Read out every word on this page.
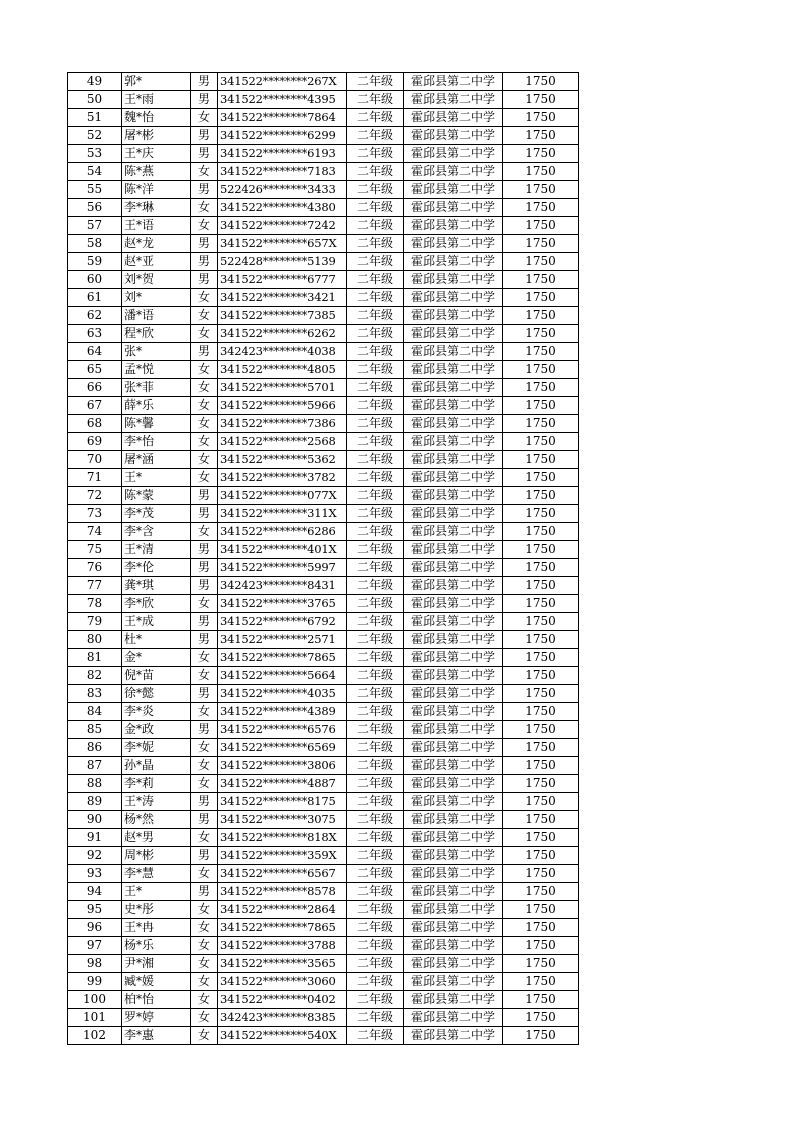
49	郭*	男	341522********267X	二年级	霍邱县第二中学	1750
50	王*雨	男	341522********4395	二年级	霍邱县第二中学	1750
51	魏*怡	女	341522********7864	二年级	霍邱县第二中学	1750
52	屠*彬	男	341522********6299	二年级	霍邱县第二中学	1750
53	王*庆	男	341522********6193	二年级	霍邱县第二中学	1750
54	陈*燕	女	341522********7183	二年级	霍邱县第二中学	1750
55	陈*洋	男	522426********3433	二年级	霍邱县第二中学	1750
56	李*琳	女	341522********4380	二年级	霍邱县第二中学	1750
57	王*语	女	341522********7242	二年级	霍邱县第二中学	1750
58	赵*龙	男	341522********657X	二年级	霍邱县第二中学	1750
59	赵*亚	男	522428********5139	二年级	霍邱县第二中学	1750
60	刘*贺	男	341522********6777	二年级	霍邱县第二中学	1750
61	刘*	女	341522********3421	二年级	霍邱县第二中学	1750
62	潘*语	女	341522********7385	二年级	霍邱县第二中学	1750
63	程*欣	女	341522********6262	二年级	霍邱县第二中学	1750
64	张*	男	342423********4038	二年级	霍邱县第二中学	1750
65	孟*悦	女	341522********4805	二年级	霍邱县第二中学	1750
66	张*菲	女	341522********5701	二年级	霍邱县第二中学	1750
67	薛*乐	女	341522********5966	二年级	霍邱县第二中学	1750
68	陈*馨	女	341522********7386	二年级	霍邱县第二中学	1750
69	李*怡	女	341522********2568	二年级	霍邱县第二中学	1750
70	屠*涵	女	341522********5362	二年级	霍邱县第二中学	1750
71	王*	女	341522********3782	二年级	霍邱县第二中学	1750
72	陈*蒙	男	341522********077X	二年级	霍邱县第二中学	1750
73	李*茂	男	341522********311X	二年级	霍邱县第二中学	1750
74	李*含	女	341522********6286	二年级	霍邱县第二中学	1750
75	王*清	男	341522********401X	二年级	霍邱县第二中学	1750
76	李*伦	男	341522********5997	二年级	霍邱县第二中学	1750
77	龚*琪	男	342423********8431	二年级	霍邱县第二中学	1750
78	李*欣	女	341522********3765	二年级	霍邱县第二中学	1750
79	王*成	男	341522********6792	二年级	霍邱县第二中学	1750
80	杜*	男	341522********2571	二年级	霍邱县第二中学	1750
81	金*	女	341522********7865	二年级	霍邱县第二中学	1750
82	倪*苗	女	341522********5664	二年级	霍邱县第二中学	1750
83	徐*懿	男	341522********4035	二年级	霍邱县第二中学	1750
84	李*炎	女	341522********4389	二年级	霍邱县第二中学	1750
85	金*政	男	341522********6576	二年级	霍邱县第二中学	1750
86	李*妮	女	341522********6569	二年级	霍邱县第二中学	1750
87	孙*晶	女	341522********3806	二年级	霍邱县第二中学	1750
88	李*莉	女	341522********4887	二年级	霍邱县第二中学	1750
89	王*涛	男	341522********8175	二年级	霍邱县第二中学	1750
90	杨*然	男	341522********3075	二年级	霍邱县第二中学	1750
91	赵*男	女	341522********818X	二年级	霍邱县第二中学	1750
92	周*彬	男	341522********359X	二年级	霍邱县第二中学	1750
93	李*慧	女	341522********6567	二年级	霍邱县第二中学	1750
94	王*	男	341522********8578	二年级	霍邱县第二中学	1750
95	史*彤	女	341522********2864	二年级	霍邱县第二中学	1750
96	王*冉	女	341522********7865	二年级	霍邱县第二中学	1750
97	杨*乐	女	341522********3788	二年级	霍邱县第二中学	1750
98	尹*湘	女	341522********3565	二年级	霍邱县第二中学	1750
99	臧*媛	女	341522********3060	二年级	霍邱县第二中学	1750
100	柏*怡	女	341522********0402	二年级	霍邱县第二中学	1750
101	罗*婷	女	342423********8385	二年级	霍邱县第二中学	1750
102	李*惠	女	341522********540X	二年级	霍邱县第二中学	1750
